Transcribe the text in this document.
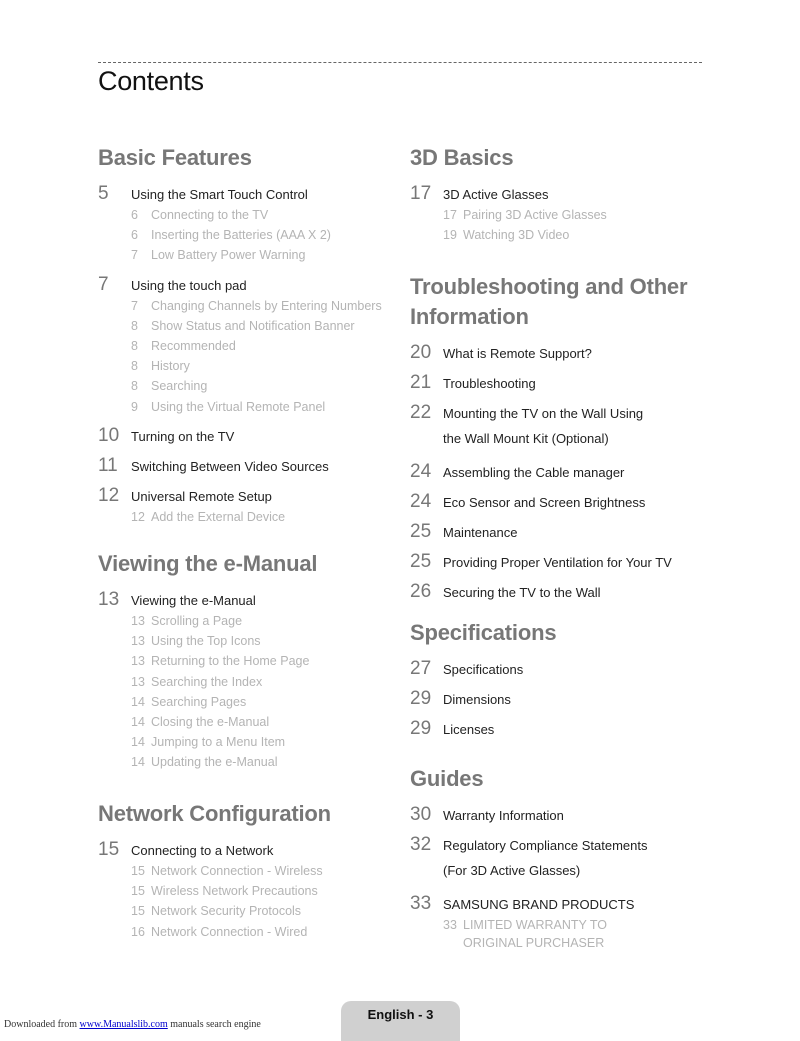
Contents
Basic Features
5	Using the Smart Touch Control
6 Connecting to the TV
6 Inserting the Batteries (AAA X 2)
7 Low Battery Power Warning
7	Using the touch pad
7 Changing Channels by Entering Numbers
8 Show Status and Notification Banner
8 Recommended
8 History
8 Searching
9 Using the Virtual Remote Panel
10 Turning on the TV
11	Switching Between Video Sources
12 Universal Remote Setup
12 Add the External Device
Viewing the e-Manual
13 Viewing the e-Manual
13 Scrolling a Page
13 Using the Top Icons
13 Returning to the Home Page
13 Searching the Index
14 Searching Pages
14 Closing the e-Manual
14 Jumping to a Menu Item
14 Updating the e-Manual
Network Configuration
15 Connecting to a Network
15 Network Connection - Wireless
15 Wireless Network Precautions
15 Network Security Protocols
16 Network Connection - Wired
3D Basics
17 3D Active Glasses
17 Pairing 3D Active Glasses
19 Watching 3D Video
Troubleshooting and Other
Information
20 What is Remote Support?
21 Troubleshooting
22 Mounting the TV on the Wall Using
the Wall Mount Kit (Optional)
24 Assembling the Cable manager
24 Eco Sensor and Screen Brightness
25 Maintenance
25 Providing Proper Ventilation for Your TV
26 Securing the TV to the Wall
Specifications
27 Specifications
29 Dimensions
29 Licenses
Guides
30 Warranty Information
32 Regulatory Compliance Statements
(For 3D Active Glasses)
33 SAMSUNG BRAND PRODUCTS
33 LIMITED WARRANTY TO
ORIGINAL PURCHASER
English - 3
Downloaded from www.Manualslib.com manuals search engine
